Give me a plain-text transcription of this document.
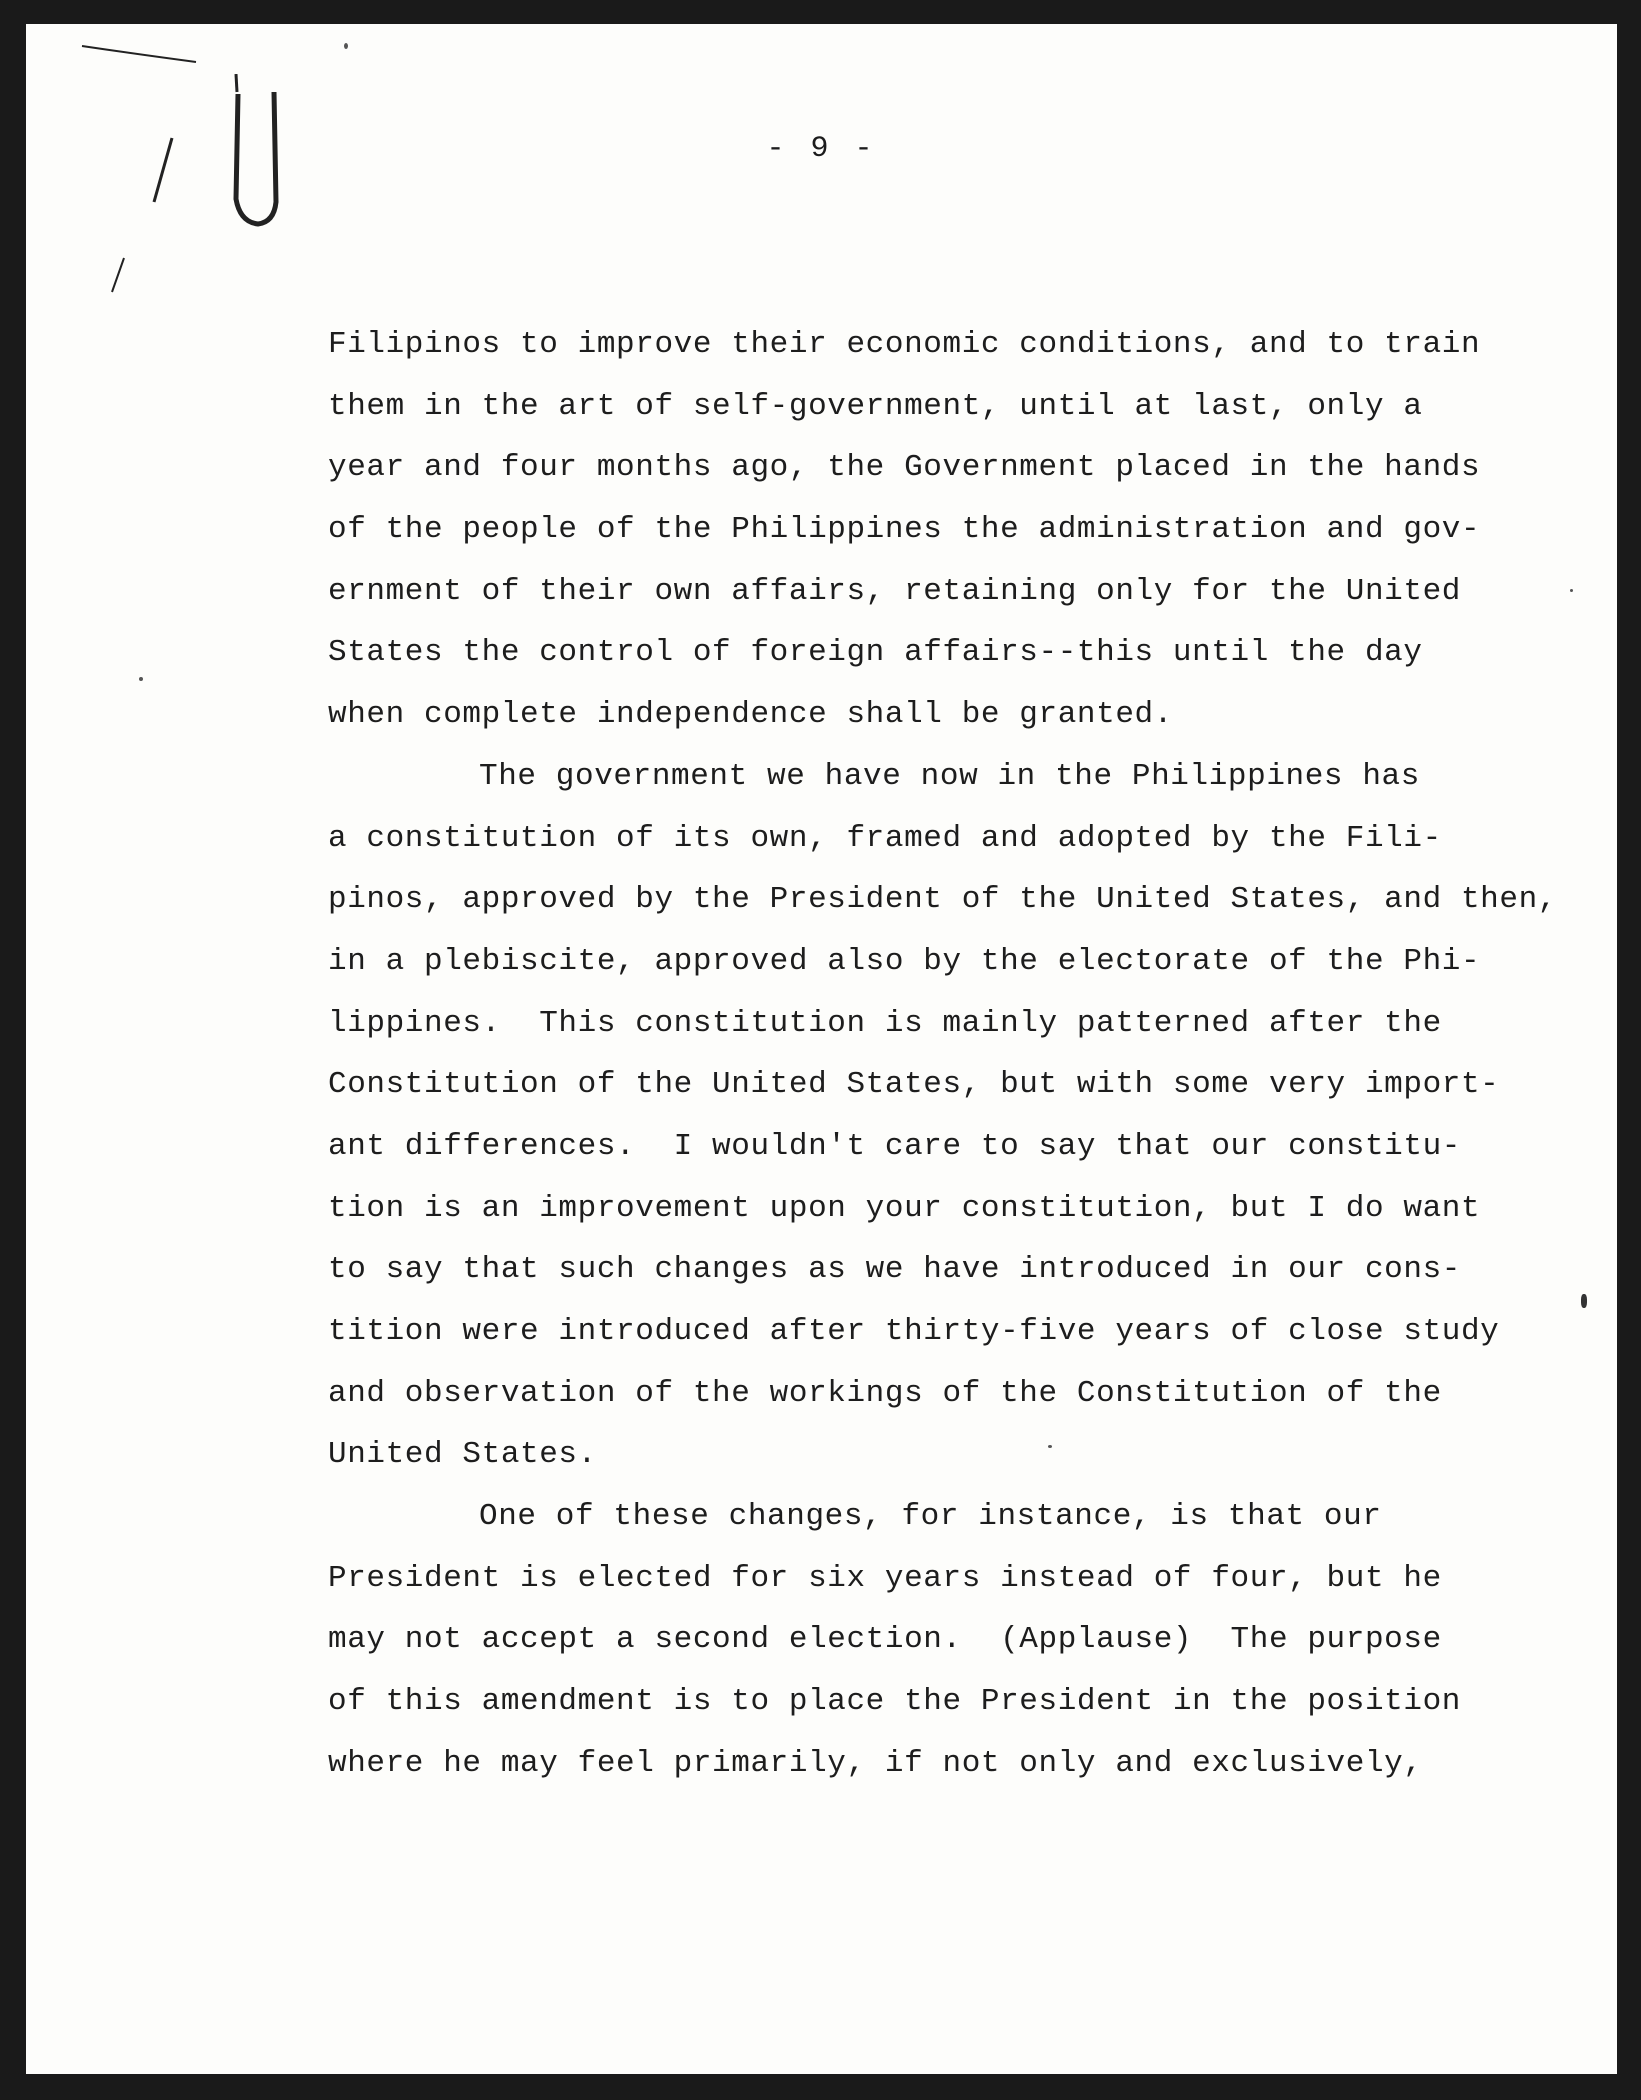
- 9 -
Filipinos to improve their economic conditions, and to train
them in the art of self-government, until at last, only a
year and four months ago, the Government placed in the hands
of the people of the Philippines the administration and gov-
ernment of their own affairs, retaining only for the United
States the control of foreign affairs--this until the day
when complete independence shall be granted.
The government we have now in the Philippines has
a constitution of its own, framed and adopted by the Fili-
pinos, approved by the President of the United States, and then,
in a plebiscite, approved also by the electorate of the Phi-
lippines.  This constitution is mainly patterned after the
Constitution of the United States, but with some very import-
ant differences.  I wouldn't care to say that our constitu-
tion is an improvement upon your constitution, but I do want
to say that such changes as we have introduced in our cons-
tition were introduced after thirty-five years of close study
and observation of the workings of the Constitution of the
United States.
One of these changes, for instance, is that our
President is elected for six years instead of four, but he
may not accept a second election.  (Applause)  The purpose
of this amendment is to place the President in the position
where he may feel primarily, if not only and exclusively,
